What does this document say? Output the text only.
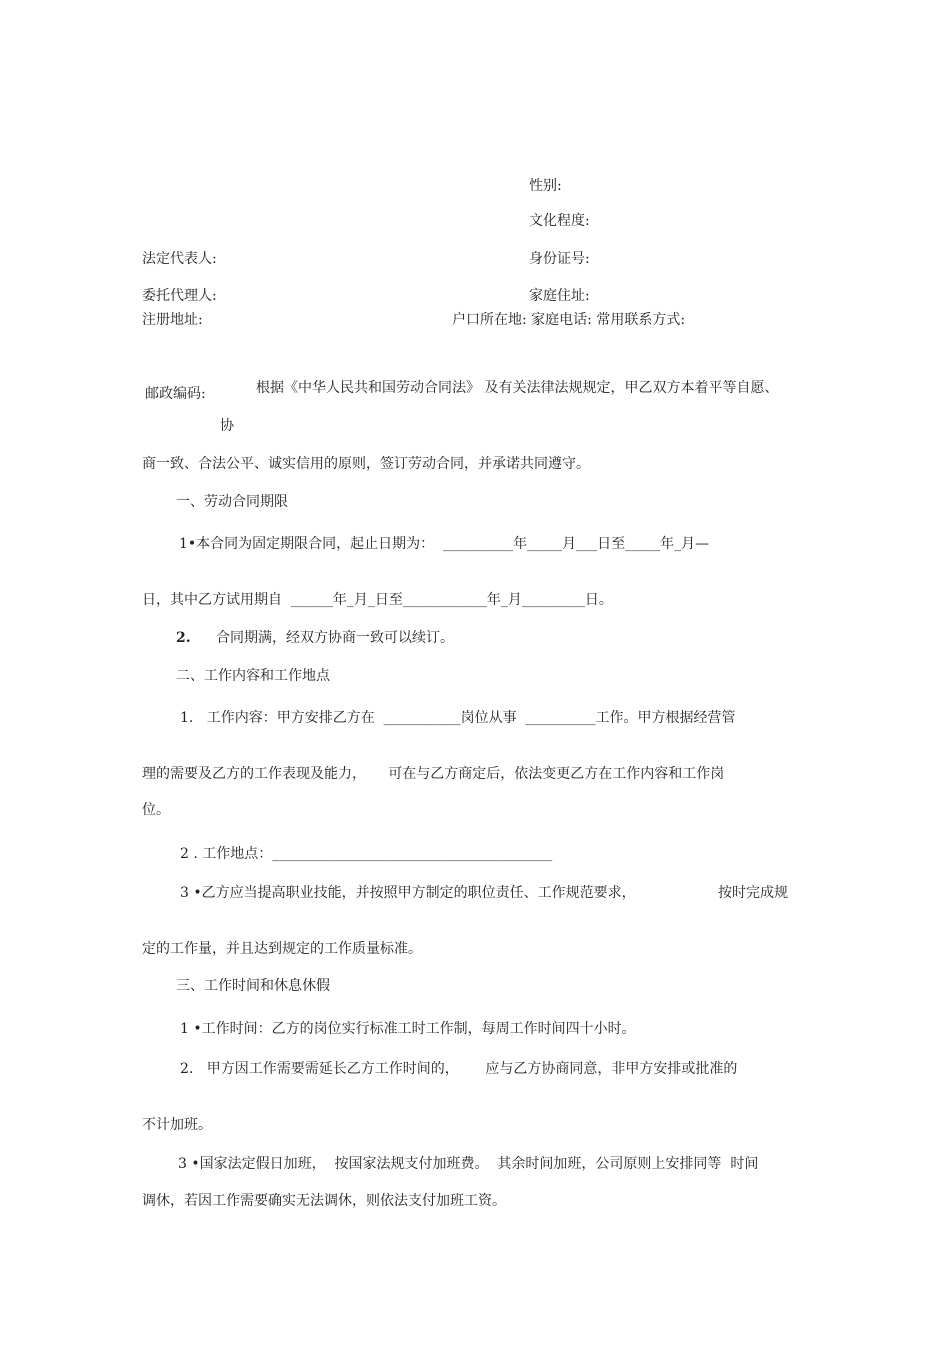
性别:
文化程度:
法定代表人:	身份证号:
委托代理人:	家庭住址:
注册地址:	户口所在地: 家庭电话: 常用联系方式:
邮政编码:	根据《中华人民共和国劳动合同法》 及有关法律法规规定，甲乙双方本着平等自愿、
协
商一致、合法公平、诚实信用的原则，签订劳动合同，并承诺共同遵守。
一、劳动合同期限
1•本合同为固定期限合同，起止日期为：  __________年_____月___日至_____年_月—
日，其中乙方试用期自  ______年_月_日至____________年_月_________日。
2. 合同期满，经双方协商一致可以续订。
二、工作内容和工作地点
1.   工作内容：甲方安排乙方在  ___________岗位从事  __________工作。甲方根据经营管
理的需要及乙方的工作表现及能力，     可在与乙方商定后，依法变更乙方在工作内容和工作岗
位。
2 . 工作地点：________________________________________
3 •乙方应当提高职业技能，并按照甲方制定的职位责任、工作规范要求，	按时完成规
定的工作量，并且达到规定的工作质量标准。
三、工作时间和休息休假
1 •工作时间：乙方的岗位实行标准工时工作制，每周工作时间四十小时。
2.   甲方因工作需要需延长乙方工作时间的，      应与乙方协商同意，非甲方安排或批准的
不计加班。
3 •国家法定假日加班，  按国家法规支付加班费。  其余时间加班，公司原则上安排同等  时间
调休，若因工作需要确实无法调休，则依法支付加班工资。
